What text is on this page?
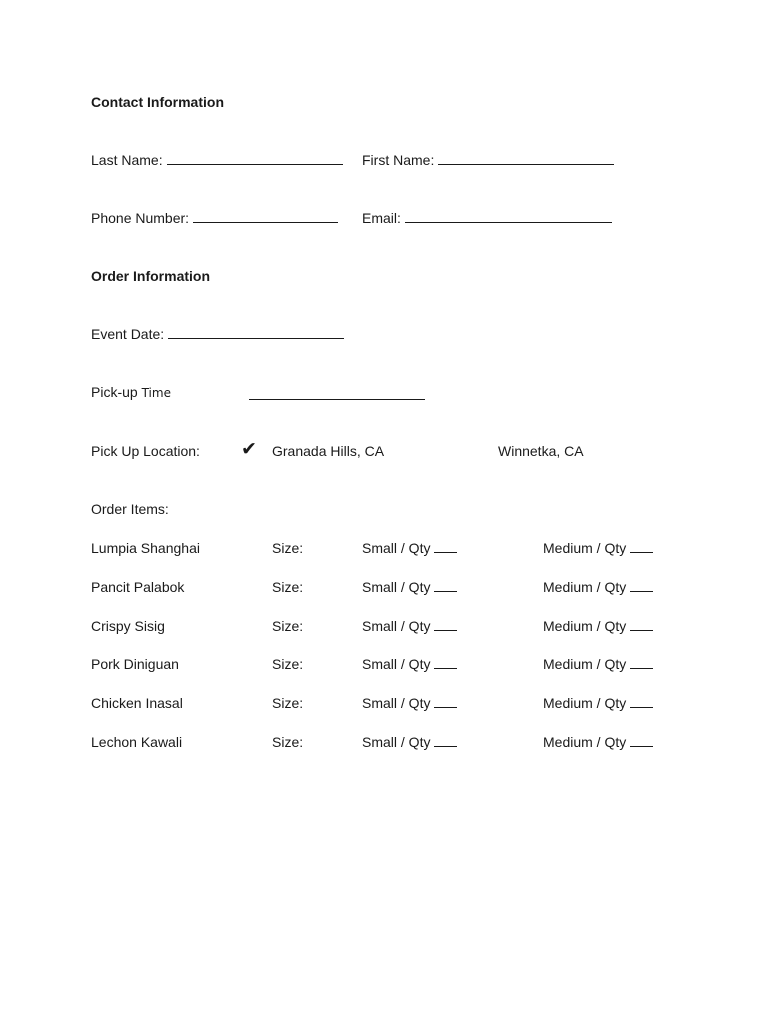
Contact Information
Last Name:	First Name:
Phone Number:	Email:
Order Information
Event Date:
Pick-up Time
Pick Up Location: ✔ Granada Hills, CA	Winnetka, CA
Order Items:
Lumpia Shanghai	Size:	Small / Qty	Medium / Qty
Pancit Palabok	Size:	Small / Qty	Medium / Qty
Crispy Sisig	Size:	Small / Qty	Medium / Qty
Pork Diniguan	Size:	Small / Qty	Medium / Qty
Chicken Inasal	Size:	Small / Qty	Medium / Qty
Lechon Kawali	Size:	Small / Qty	Medium / Qty
